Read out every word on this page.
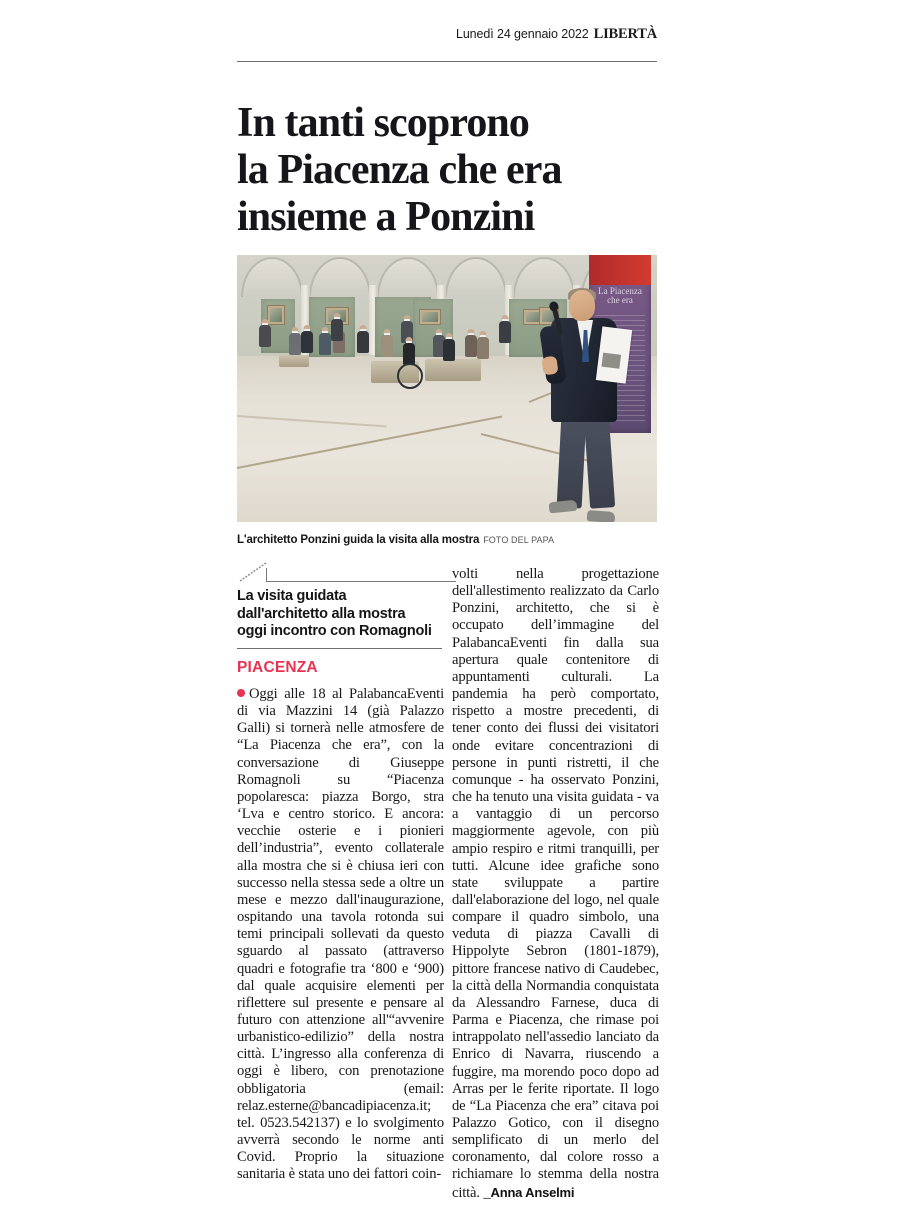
Lunedì 24 gennaio 2022 LIBERTÀ
In tanti scoprono
la Piacenza che era
insieme a Ponzini
La Piacenza che era
L'architetto Ponzini guida la visita alla mostra FOTO DEL PAPA
La visita guidata
dall'architetto alla mostra
oggi incontro con Romagnoli
PIACENZA
Oggi alle 18 al PalabancaEventi di via Mazzini 14 (già Palazzo Galli) si tornerà nelle atmosfere de “La Piacenza che era”, con la conversazione di Giuseppe Romagnoli su “Piacenza popolaresca: piazza Borgo, stra ‘Lva e centro storico. E ancora: vecchie osterie e i pionieri dell’industria”, evento collaterale alla mostra che si è chiusa ieri con successo nella stessa sede a oltre un mese e mezzo dall'inaugurazione, ospitando una tavola rotonda sui temi principali sollevati da questo sguardo al passato (attraverso quadri e fotografie tra ‘800 e ‘900) dal quale acquisire elementi per riflettere sul presente e pensare al futuro con attenzione all'“avvenire urbanistico-edilizio” della nostra città. L’ingresso alla conferenza di oggi è libero, con prenotazione obbligatoria (email: relaz.esterne@bancadipiacenza.it; tel. 0523.542137) e lo svolgimento avverrà secondo le norme anti Covid. Proprio la situazione sanitaria è stata uno dei fattori coin-
volti nella progettazione dell'allestimento realizzato da Carlo Ponzini, architetto, che si è occupato dell’immagine del PalabancaEventi fin dalla sua apertura quale contenitore di appuntamenti culturali. La pandemia ha però comportato, rispetto a mostre precedenti, di tener conto dei flussi dei visitatori onde evitare concentrazioni di persone in punti ristretti, il che comunque - ha osservato Ponzini, che ha tenuto una visita guidata - va a vantaggio di un percorso maggiormente agevole, con più ampio respiro e ritmi tranquilli, per tutti. Alcune idee grafiche sono state sviluppate a partire dall'elaborazione del logo, nel quale compare il quadro simbolo, una veduta di piazza Cavalli di Hippolyte Sebron (1801-1879), pittore francese nativo di Caudebec, la città della Normandia conquistata da Alessandro Farnese, duca di Parma e Piacenza, che rimase poi intrappolato nell'assedio lanciato da Enrico di Navarra, riuscendo a fuggire, ma morendo poco dopo ad Arras per le ferite riportate. Il logo de “La Piacenza che era” citava poi Palazzo Gotico, con il disegno semplificato di un merlo del coronamento, dal colore rosso a richiamare lo stemma della nostra città. _Anna Anselmi
